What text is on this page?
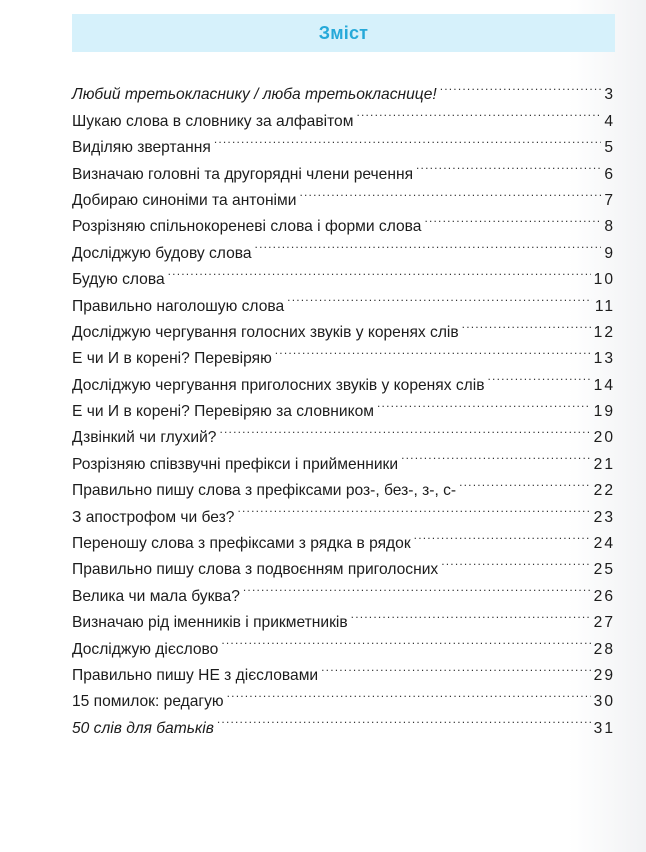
Зміст
Любий третьокласнику / люба третьокласнице! .....	3
Шукаю слова в словнику за алфавітом .....	4
Виділяю звертання .....	5
Визначаю головні та другорядні члени речення .....	6
Добираю синоніми та антоніми .....	7
Розрізняю спільнокореневі слова і форми слова .....	8
Досліджую будову слова .....	9
Будую слова .....	10
Правильно наголошую слова .....	11
Досліджую чергування голосних звуків у коренях слів .....	12
Е чи И в корені? Перевіряю .....	13
Досліджую чергування приголосних звуків у коренях слів .....	14
Е чи И в корені? Перевіряю за словником .....	19
Дзвінкий чи глухий? .....	20
Розрізняю співзвучні префікси і прийменники .....	21
Правильно пишу слова з префіксами роз-, без-, з-, с- .....	22
З апострофом чи без? .....	23
Переношу слова з префіксами з рядка в рядок .....	24
Правильно пишу слова з подвоєнням приголосних .....	25
Велика чи мала буква? .....	26
Визначаю рід іменників і прикметників .....	27
Досліджую дієслово .....	28
Правильно пишу НЕ з дієсловами .....	29
15 помилок: редагую .....	30
50 слів для батьків .....	31
